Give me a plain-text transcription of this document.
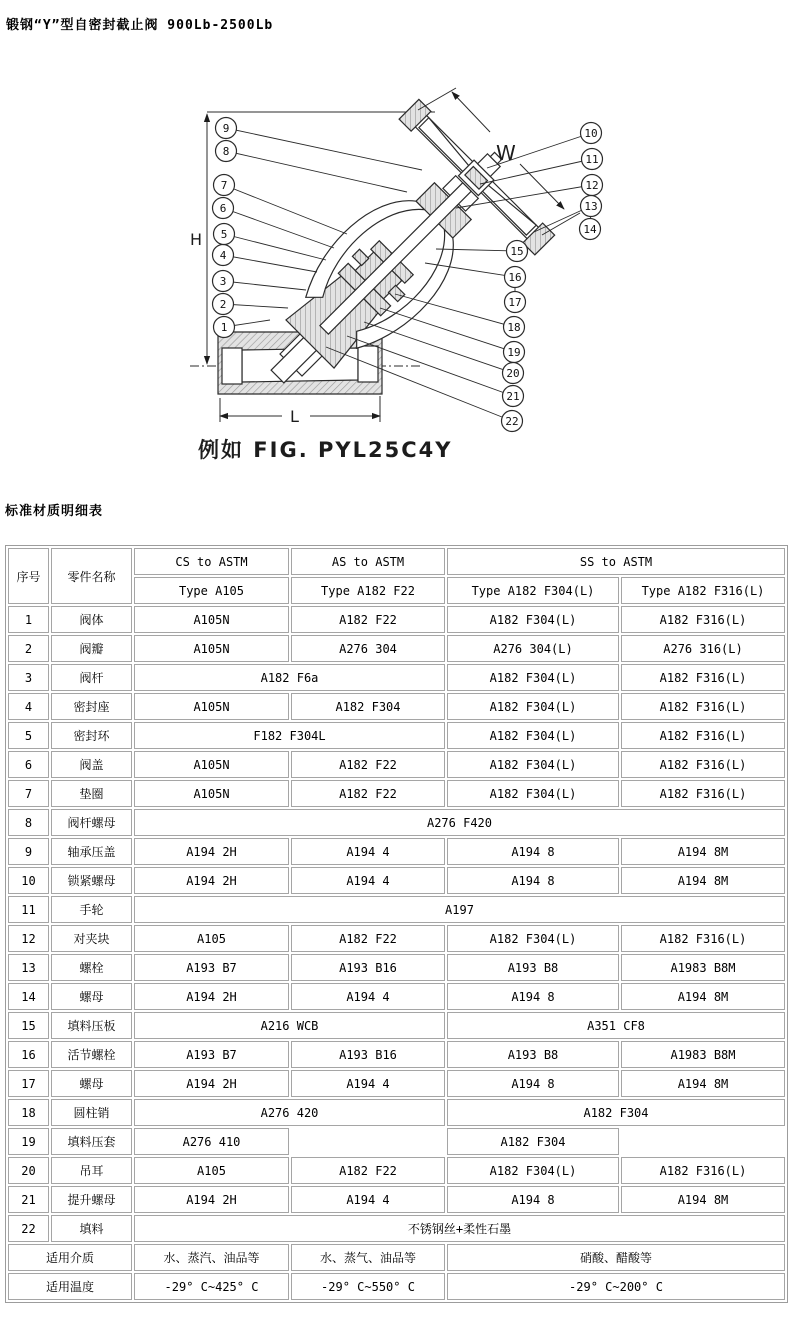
锻钢“Y”型自密封截止阀 900Lb-2500Lb
H
W
L
1
2
3
4
5
6
7
8
9	10
11
12
13
14
15
16
17
18
19
20
21
22
例如 FIG. PYL25C4Y
标准材质明细表
序号	零件名称	CS to ASTM	AS to ASTM	SS to ASTM	
		Type A105	Type A182 F22	Type A182 F304(L)	Type A182 F316(L)
1	阀体	A105N	A182 F22	A182 F304(L)	A182 F316(L)
2	阀瓣	A105N	A276 304	A276 304(L)	A276 316(L)
3	阀杆	A182 F6a		A182 F304(L)	A182 F316(L)
4	密封座	A105N	A182 F304	A182 F304(L)	A182 F316(L)
5	密封环	F182 F304L		A182 F304(L)	A182 F316(L)
6	阀盖	A105N	A182 F22	A182 F304(L)	A182 F316(L)
7	垫圈	A105N	A182 F22	A182 F304(L)	A182 F316(L)
8	阀杆螺母	A276 F420			
9	轴承压盖	A194 2H	A194 4	A194 8	A194 8M
10	锁紧螺母	A194 2H	A194 4	A194 8	A194 8M
11	手轮	A197			
12	对夹块	A105	A182 F22	A182 F304(L)	A182 F316(L)
13	螺栓	A193 B7	A193 B16	A193 B8	A1983 B8M
14	螺母	A194 2H	A194 4	A194 8	A194 8M
15	填料压板	A216 WCB		A351 CF8	
16	活节螺栓	A193 B7	A193 B16	A193 B8	A1983 B8M
17	螺母	A194 2H	A194 4	A194 8	A194 8M
18	圆柱销	A276 420		A182 F304	
19	填料压套	A276 410		A182 F304	
20	吊耳	A105	A182 F22	A182 F304(L)	A182 F316(L)
21	提升螺母	A194 2H	A194 4	A194 8	A194 8M
22	填料	不锈钢丝+柔性石墨			
适用介质		水、蒸汽、油品等	水、蒸气、油品等	硝酸、醋酸等	
适用温度		-29° C~425° C	-29° C~550° C	-29° C~200° C	
